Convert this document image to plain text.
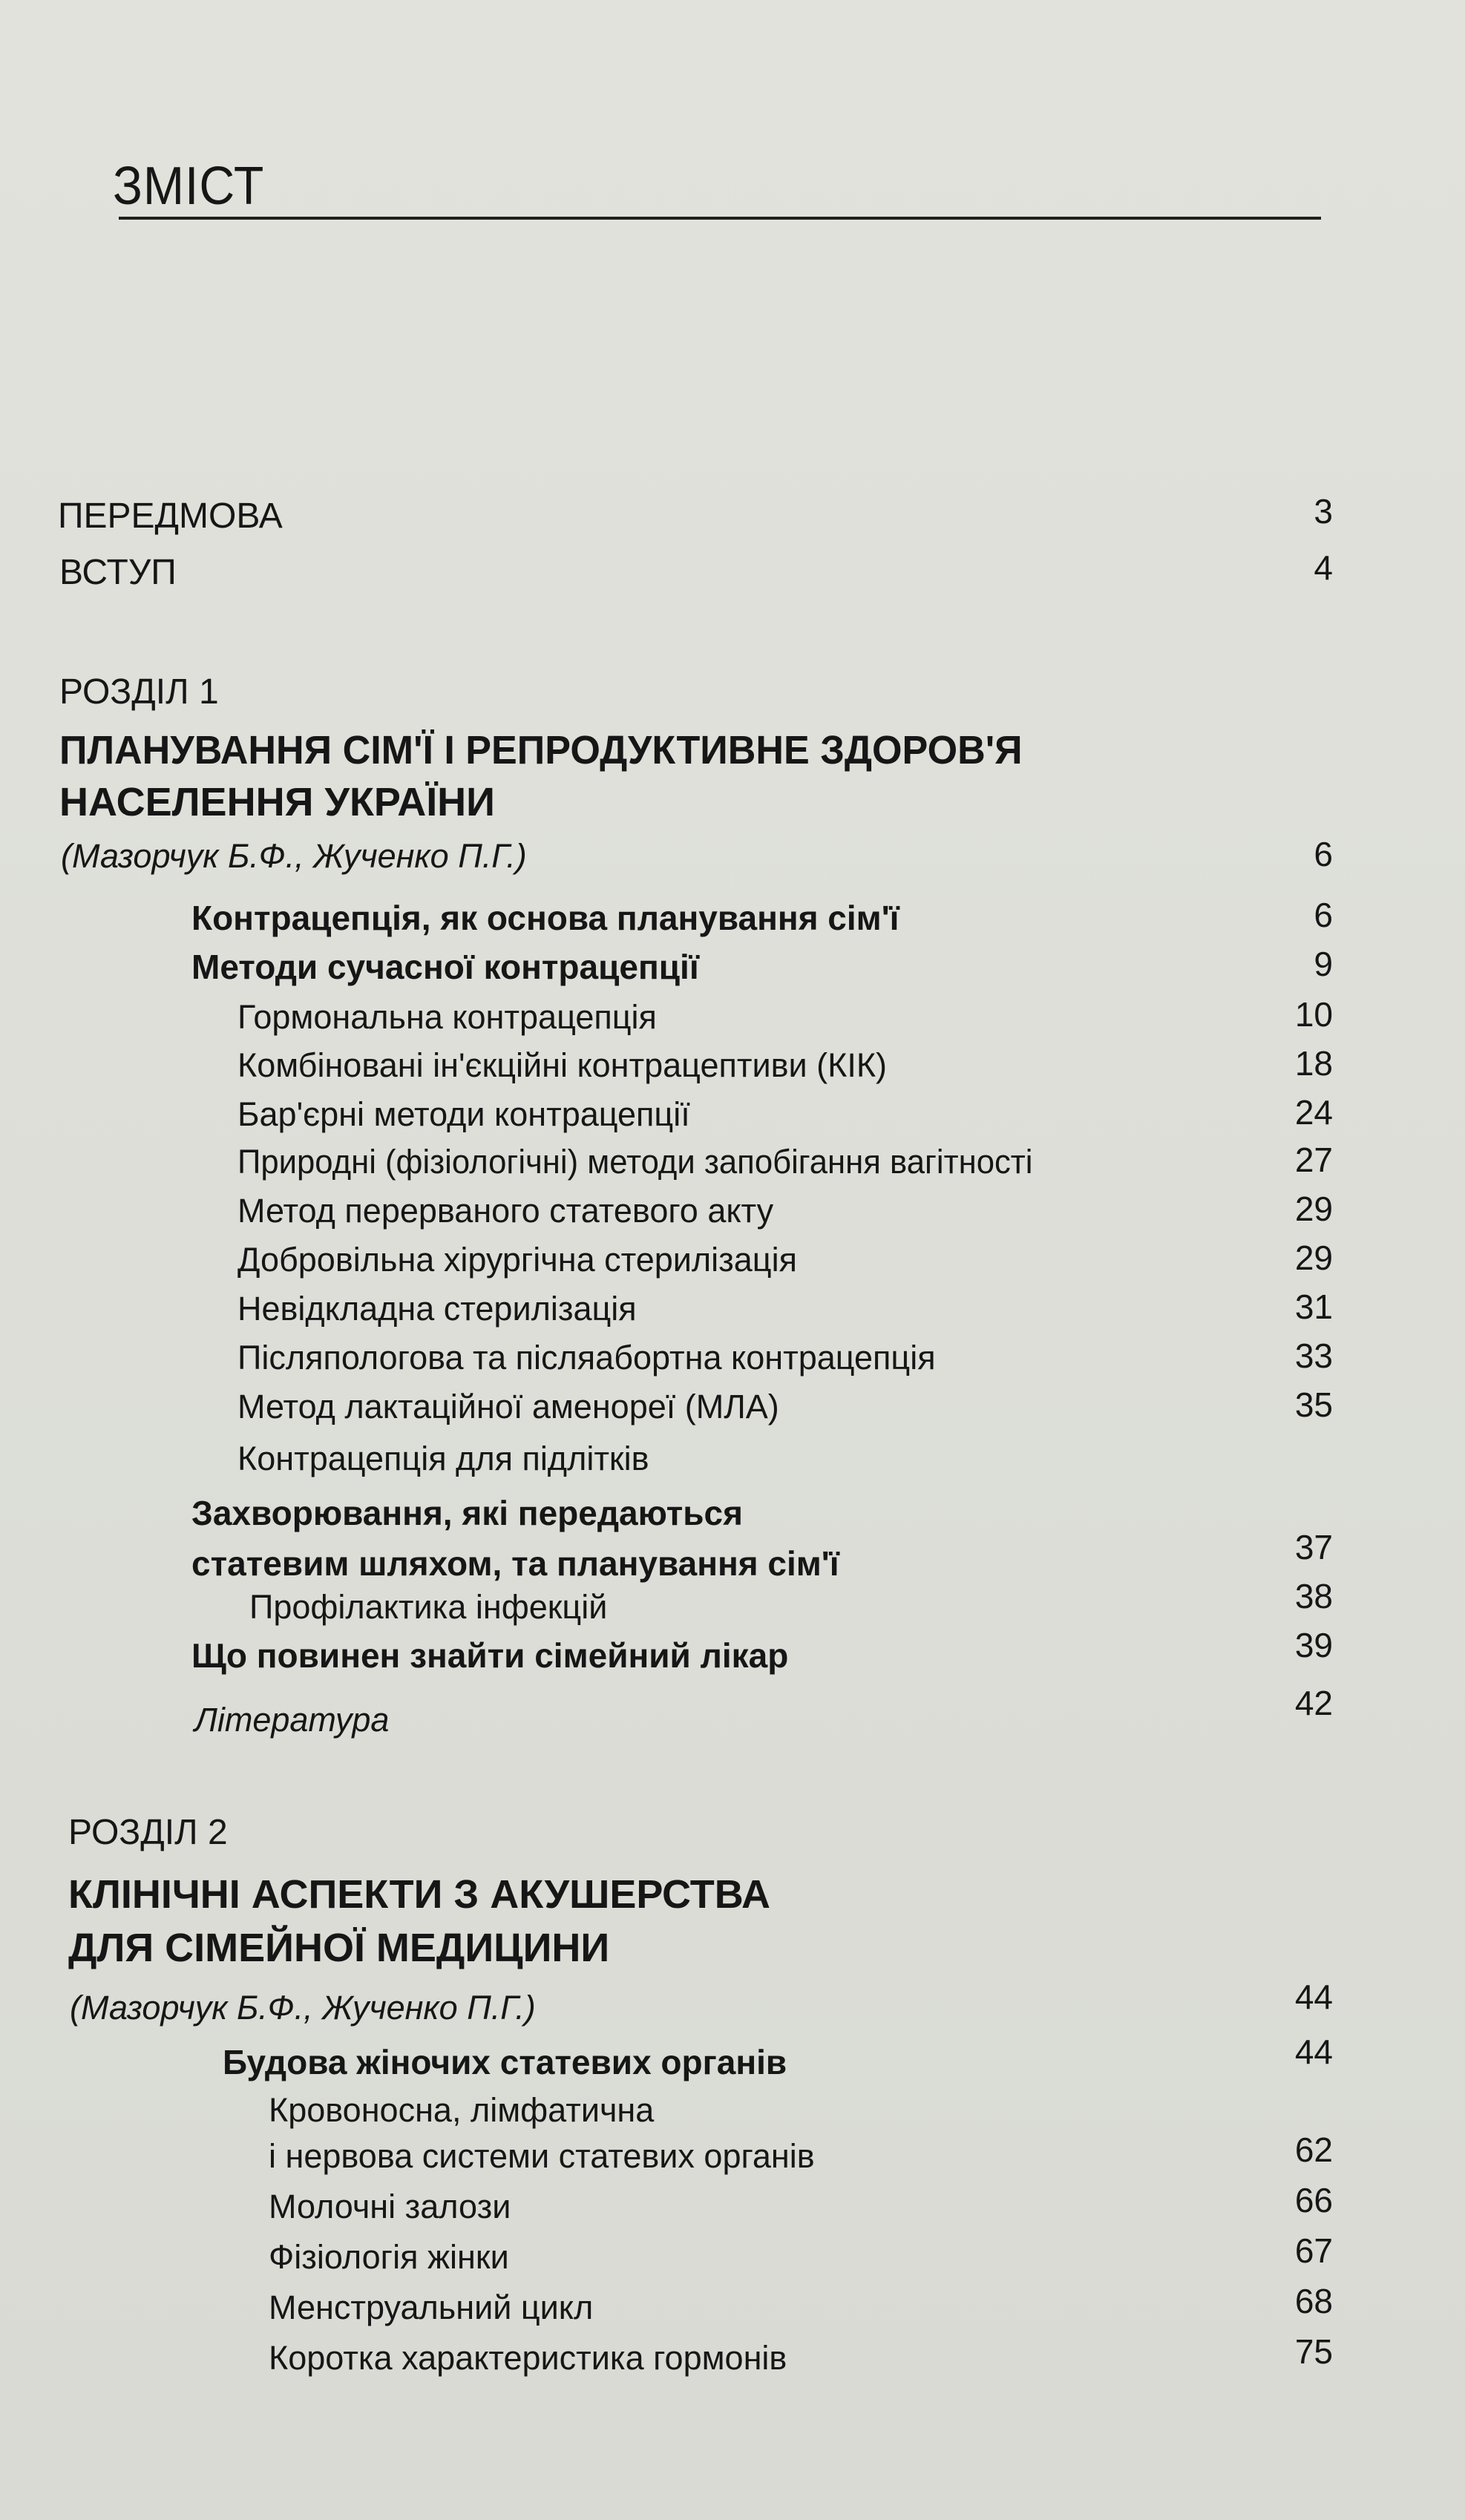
ЗМІСТ
ПЕРЕДМОВА	3
ВСТУП	4
РОЗДІЛ 1
ПЛАНУВАННЯ СІМ'Ї І РЕПРОДУКТИВНЕ ЗДОРОВ'Я
НАСЕЛЕННЯ УКРАЇНИ
(Мазорчук Б.Ф., Жученко П.Г.)	6
Контрацепція, як основа планування сім'ї	6
Методи сучасної контрацепції	9
Гормональна контрацепція	10
Комбіновані ін'єкційні контрацептиви (КІК)	18
Бар'єрні методи контрацепції	24
Природні (фізіологічні) методи запобігання вагітності	27
Метод перерваного статевого акту	29
Добровільна хірургічна стерилізація	29
Невідкладна стерилізація	31
Післяпологова та післяабортна контрацепція	33
Метод лактаційної аменореї (МЛА)	35
Контрацепція для підлітків
Захворювання, які передаються
статевим шляхом, та планування сім'ї	37
Профілактика інфекцій	38
Що повинен знайти сімейний лікар	39
Література	42
РОЗДІЛ 2
КЛІНІЧНІ АСПЕКТИ З АКУШЕРСТВА
ДЛЯ СІМЕЙНОЇ МЕДИЦИНИ
(Мазорчук Б.Ф., Жученко П.Г.)	44
Будова жіночих статевих органів	44
Кровоносна, лімфатична
і нервова системи статевих органів	62
Молочні залози	66
Фізіологія жінки	67
Менструальний цикл	68
Коротка характеристика гормонів	75
